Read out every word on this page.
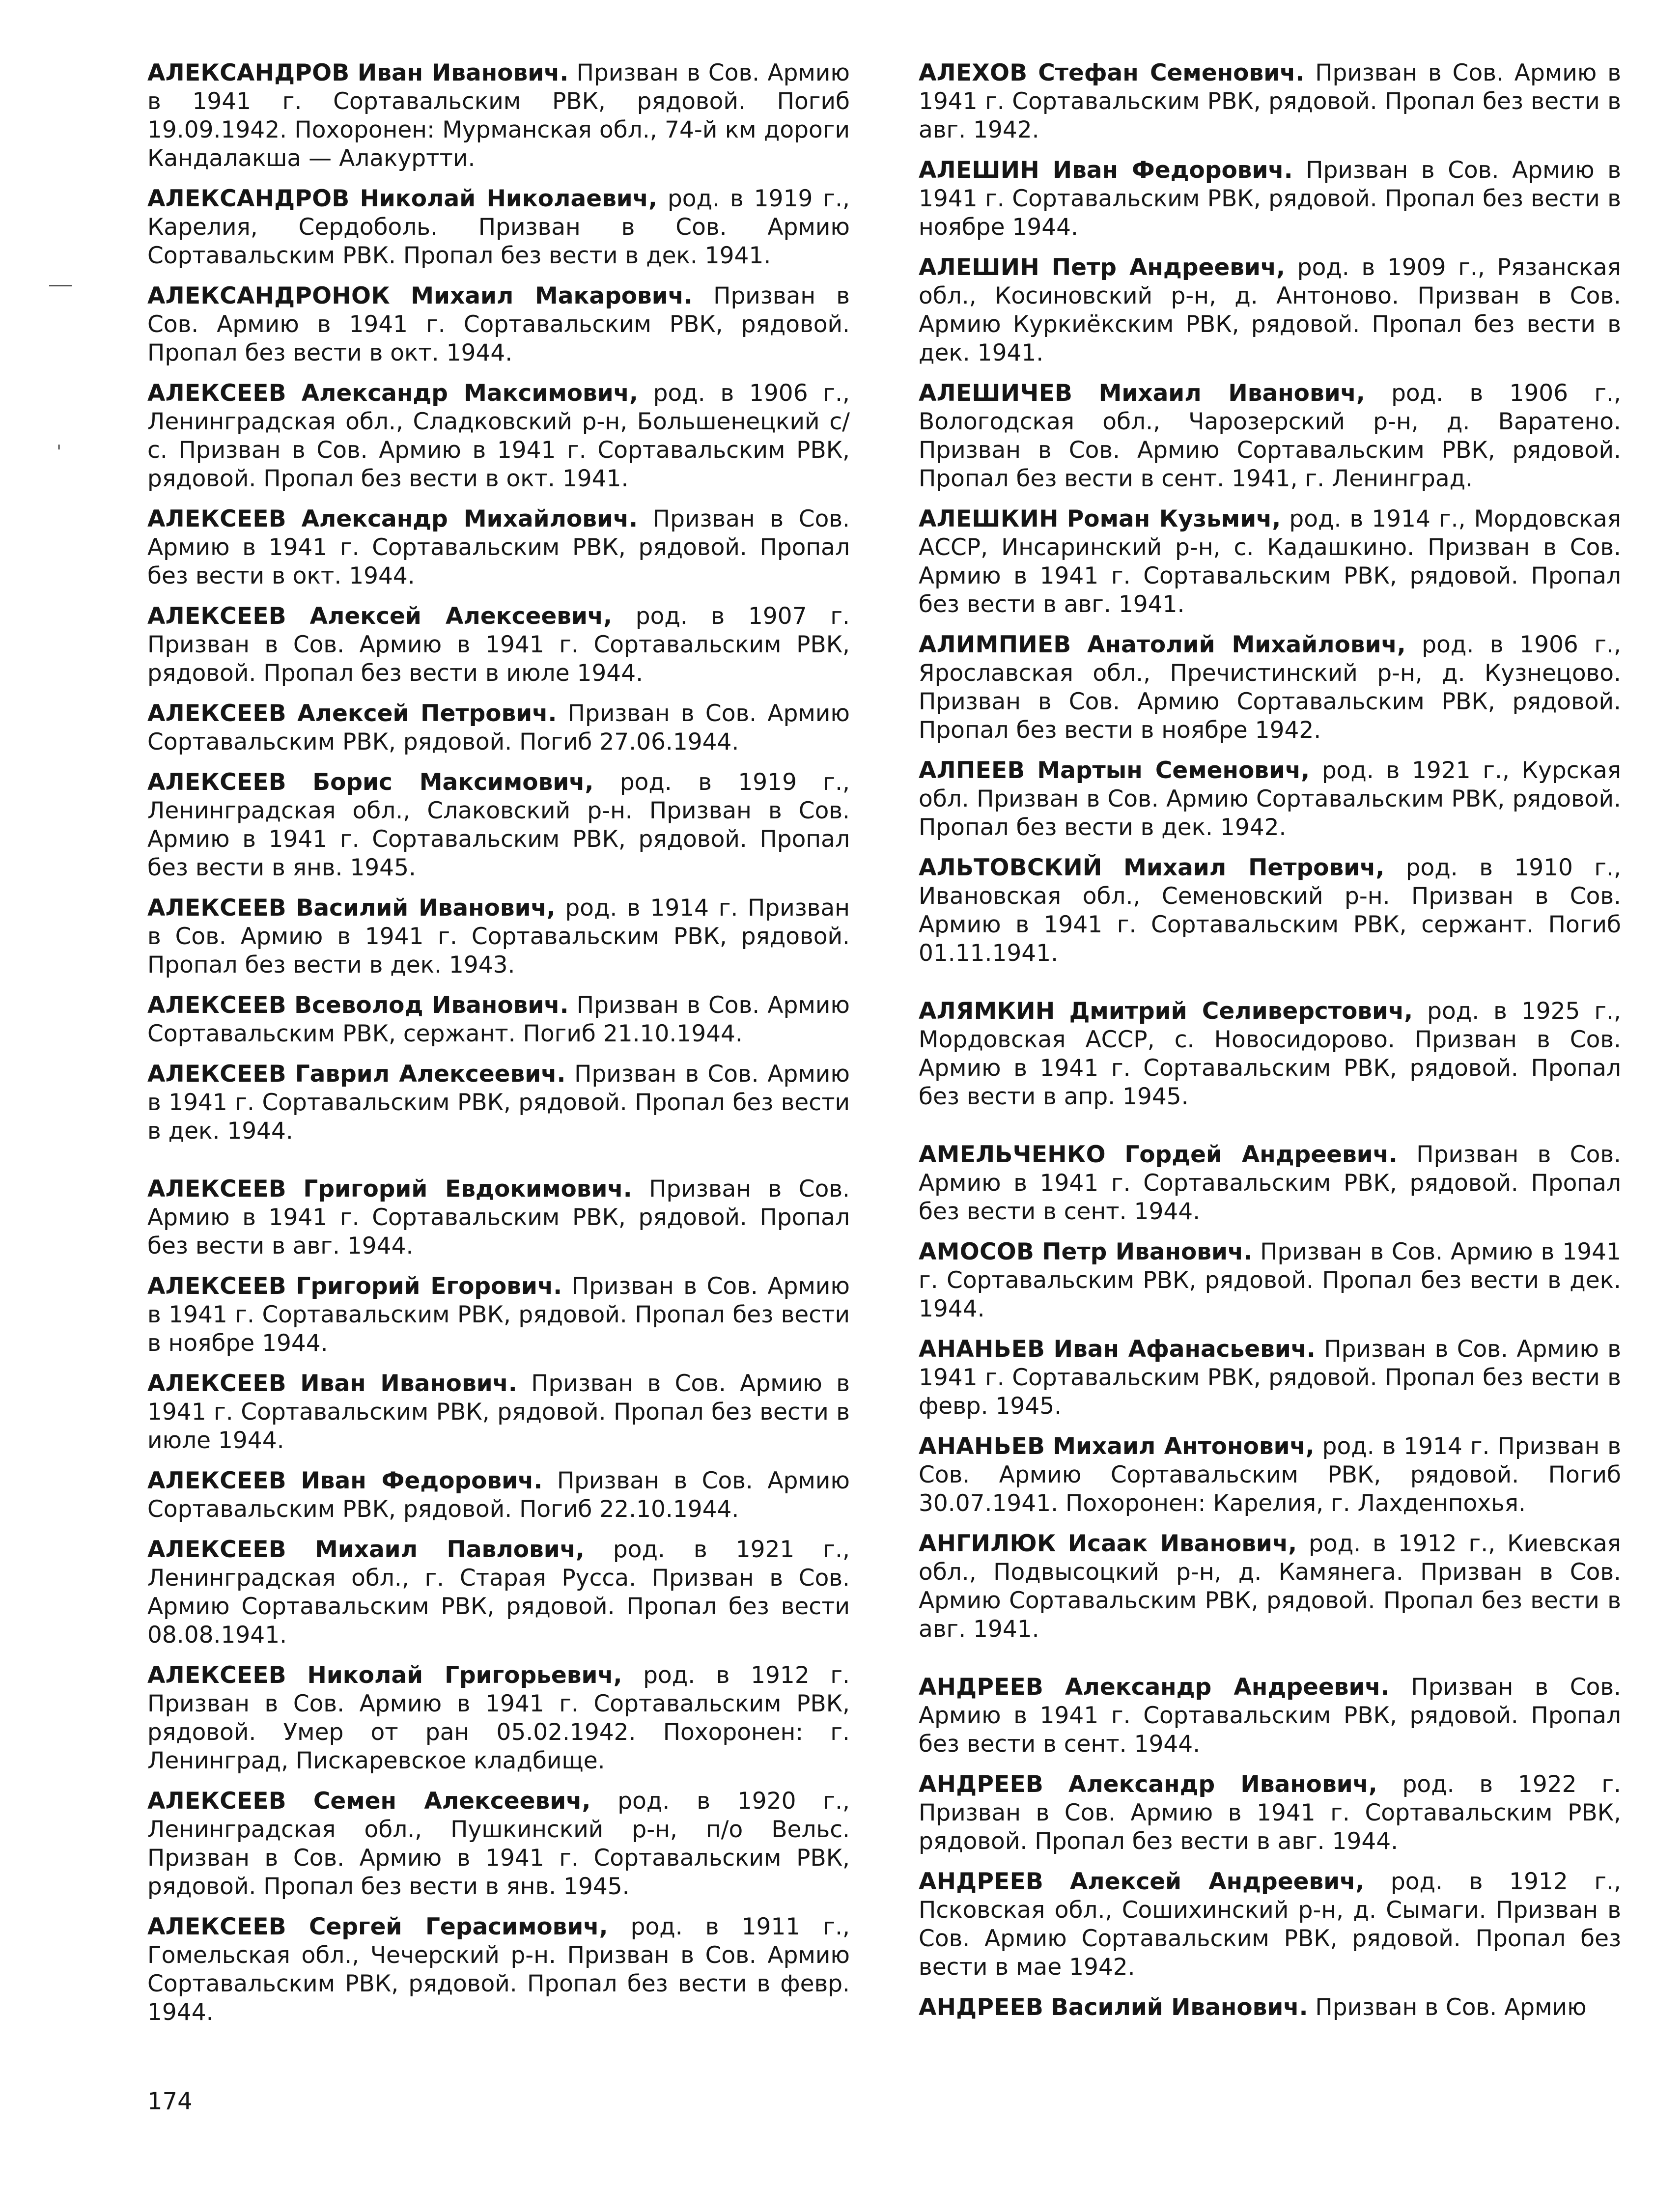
АЛЕКСАНДРОВ Иван Иванович. Призван в Сов. Армию в 1941 г. Сортавальским РВК, рядовой. Погиб 19.09.1942. Похоронен: Мурманская обл., 74-й км дороги Кандалакша — Алакуртти.

АЛЕКСАНДРОВ Николай Николаевич, род. в 1919 г., Карелия, Сердоболь. Призван в Сов. Армию Сортавальским РВК. Пропал без вести в дек. 1941.

АЛЕКСАНДРОНОК Михаил Макарович. Призван в Сов. Армию в 1941 г. Сортавальским РВК, рядовой. Пропал без вести в окт. 1944.

АЛЕКСЕЕВ Александр Максимович, род. в 1906 г., Ленинградская обл., Сладковский р-н, Большенецкий с/с. Призван в Сов. Армию в 1941 г. Сортавальским РВК, рядовой. Пропал без вести в окт. 1941.

АЛЕКСЕЕВ Александр Михайлович. Призван в Сов. Армию в 1941 г. Сортавальским РВК, рядовой. Пропал без вести в окт. 1944.

АЛЕКСЕЕВ Алексей Алексеевич, род. в 1907 г. Призван в Сов. Армию в 1941 г. Сортавальским РВК, рядовой. Пропал без вести в июле 1944.

АЛЕКСЕЕВ Алексей Петрович. Призван в Сов. Армию Сортавальским РВК, рядовой. Погиб 27.06.1944.

АЛЕКСЕЕВ Борис Максимович, род. в 1919 г., Ленинградская обл., Слаковский р-н. Призван в Сов. Армию в 1941 г. Сортавальским РВК, рядовой. Пропал без вести в янв. 1945.

АЛЕКСЕЕВ Василий Иванович, род. в 1914 г. Призван в Сов. Армию в 1941 г. Сортавальским РВК, рядовой. Пропал без вести в дек. 1943.

АЛЕКСЕЕВ Всеволод Иванович. Призван в Сов. Армию Сортавальским РВК, сержант. Погиб 21.10.1944.

АЛЕКСЕЕВ Гаврил Алексеевич. Призван в Сов. Армию в 1941 г. Сортавальским РВК, рядовой. Пропал без вести в дек. 1944.

АЛЕКСЕЕВ Григорий Евдокимович. Призван в Сов. Армию в 1941 г. Сортавальским РВК, рядовой. Пропал без вести в авг. 1944.

АЛЕКСЕЕВ Григорий Егорович. Призван в Сов. Армию в 1941 г. Сортавальским РВК, рядовой. Пропал без вести в ноябре 1944.

АЛЕКСЕЕВ Иван Иванович. Призван в Сов. Армию в 1941 г. Сортавальским РВК, рядовой. Пропал без вести в июле 1944.

АЛЕКСЕЕВ Иван Федорович. Призван в Сов. Армию Сортавальским РВК, рядовой. Погиб 22.10.1944.

АЛЕКСЕЕВ Михаил Павлович, род. в 1921 г., Ленинградская обл., г. Старая Русса. Призван в Сов. Армию Сортавальским РВК, рядовой. Пропал без вести 08.08.1941.

АЛЕКСЕЕВ Николай Григорьевич, род. в 1912 г. Призван в Сов. Армию в 1941 г. Сортавальским РВК, рядовой. Умер от ран 05.02.1942. Похоронен: г. Ленинград, Пискаревское кладбище.

АЛЕКСЕЕВ Семен Алексеевич, род. в 1920 г., Ленинградская обл., Пушкинский р-н, п/о Вельс. Призван в Сов. Армию в 1941 г. Сортавальским РВК, рядовой. Пропал без вести в янв. 1945.

АЛЕКСЕЕВ Сергей Герасимович, род. в 1911 г., Гомельская обл., Чечерский р-н. Призван в Сов. Армию Сортавальским РВК, рядовой. Пропал без вести в февр. 1944.

АЛЕХОВ Стефан Семенович. Призван в Сов. Армию в 1941 г. Сортавальским РВК, рядовой. Пропал без вести в авг. 1942.

АЛЕШИН Иван Федорович. Призван в Сов. Армию в 1941 г. Сортавальским РВК, рядовой. Пропал без вести в ноябре 1944.

АЛЕШИН Петр Андреевич, род. в 1909 г., Рязанская обл., Косиновский р-н, д. Антоново. Призван в Сов. Армию Куркиёкским РВК, рядовой. Пропал без вести в дек. 1941.

АЛЕШИЧЕВ Михаил Иванович, род. в 1906 г., Вологодская обл., Чарозерский р-н, д. Варатено. Призван в Сов. Армию Сортавальским РВК, рядовой. Пропал без вести в сент. 1941, г. Ленинград.

АЛЕШКИН Роман Кузьмич, род. в 1914 г., Мордовская АССР, Инсаринский р-н, с. Кадашкино. Призван в Сов. Армию в 1941 г. Сортавальским РВК, рядовой. Пропал без вести в авг. 1941.

АЛИМПИЕВ Анатолий Михайлович, род. в 1906 г., Ярославская обл., Пречистинский р-н, д. Кузнецово. Призван в Сов. Армию Сортавальским РВК, рядовой. Пропал без вести в ноябре 1942.

АЛПЕЕВ Мартын Семенович, род. в 1921 г., Курская обл. Призван в Сов. Армию Сортавальским РВК, рядовой. Пропал без вести в дек. 1942.

АЛЬТОВСКИЙ Михаил Петрович, род. в 1910 г., Ивановская обл., Семеновский р-н. Призван в Сов. Армию в 1941 г. Сортавальским РВК, сержант. Погиб 01.11.1941.

АЛЯМКИН Дмитрий Селиверстович, род. в 1925 г., Мордовская АССР, с. Новосидорово. Призван в Сов. Армию в 1941 г. Сортавальским РВК, рядовой. Пропал без вести в апр. 1945.

АМЕЛЬЧЕНКО Гордей Андреевич. Призван в Сов. Армию в 1941 г. Сортавальским РВК, рядовой. Пропал без вести в сент. 1944.

АМОСОВ Петр Иванович. Призван в Сов. Армию в 1941 г. Сортавальским РВК, рядовой. Пропал без вести в дек. 1944.

АНАНЬЕВ Иван Афанасьевич. Призван в Сов. Армию в 1941 г. Сортавальским РВК, рядовой. Пропал без вести в февр. 1945.

АНАНЬЕВ Михаил Антонович, род. в 1914 г. Призван в Сов. Армию Сортавальским РВК, рядовой. Погиб 30.07.1941. Похоронен: Карелия, г. Лахденпохья.

АНГИЛЮК Исаак Иванович, род. в 1912 г., Киевская обл., Подвысоцкий р-н, д. Камянега. Призван в Сов. Армию Сортавальским РВК, рядовой. Пропал без вести в авг. 1941.

АНДРЕЕВ Александр Андреевич. Призван в Сов. Армию в 1941 г. Сортавальским РВК, рядовой. Пропал без вести в сент. 1944.

АНДРЕЕВ Александр Иванович, род. в 1922 г. Призван в Сов. Армию в 1941 г. Сортавальским РВК, рядовой. Пропал без вести в авг. 1944.

АНДРЕЕВ Алексей Андреевич, род. в 1912 г., Псковская обл., Сошихинский р-н, д. Сымаги. Призван в Сов. Армию Сортавальским РВК, рядовой. Пропал без вести в мае 1942.

АНДРЕЕВ Василий Иванович. Призван в Сов. Армию

174
